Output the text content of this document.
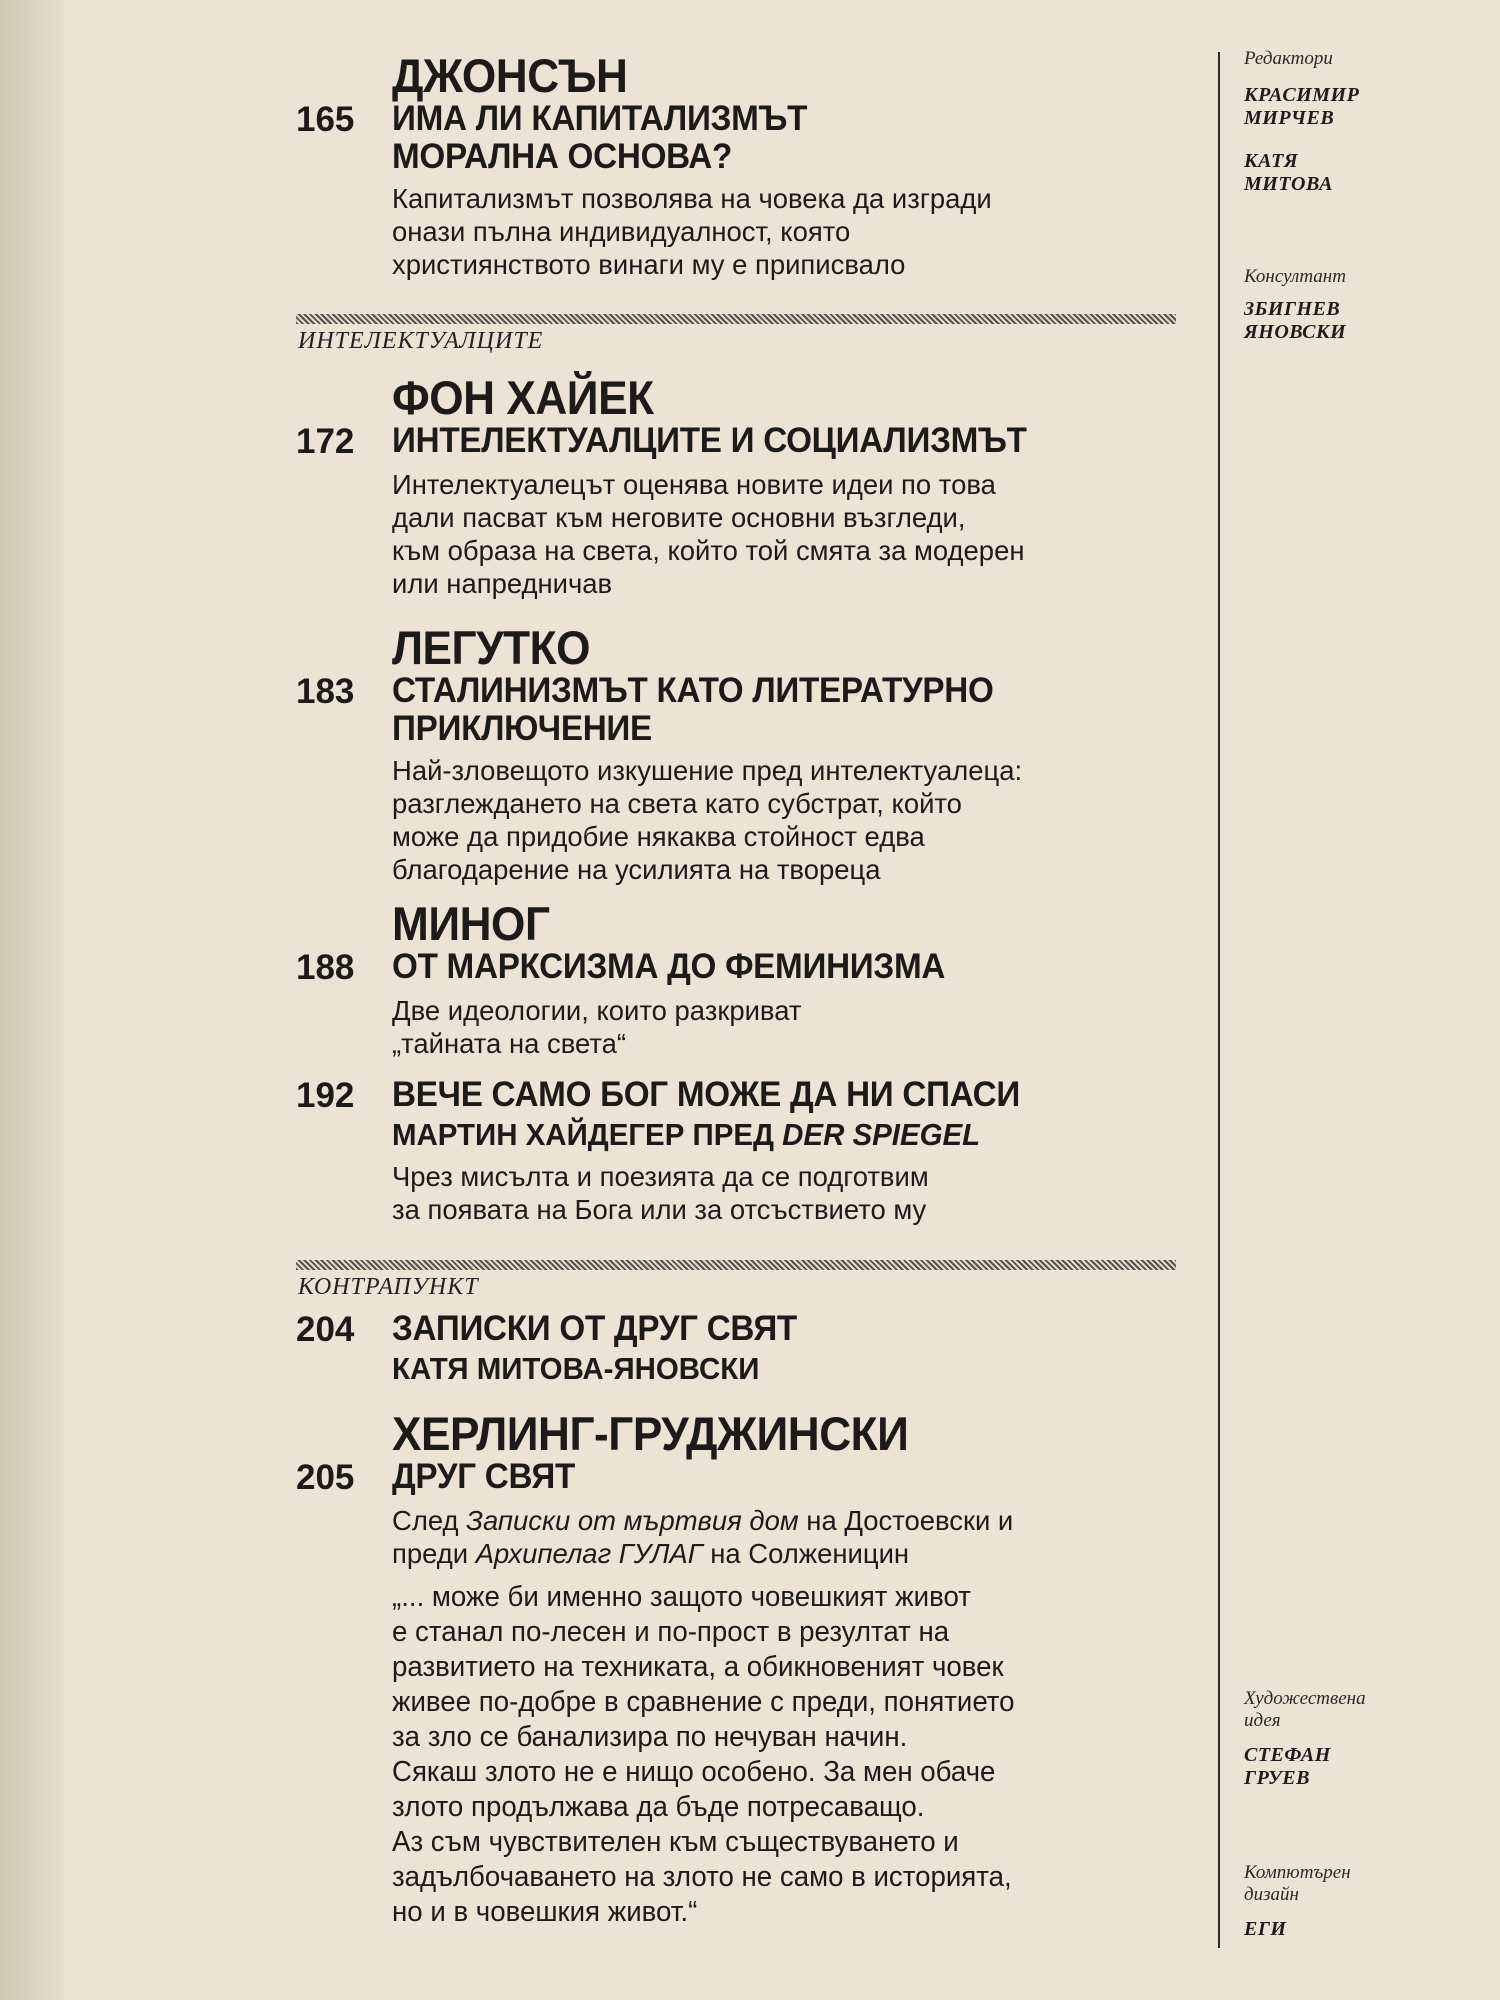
ДЖОНСЪН
165	ИМА ЛИ КАПИТАЛИЗМЪТ
МОРАЛНА ОСНОВА?
Капитализмът позволява на човека да изгради
онази пълна индивидуалност, която
християнството винаги му е приписвало
ИНТЕЛЕКТУАЛЦИТЕ
ФОН ХАЙЕК
172	ИНТЕЛЕКТУАЛЦИТЕ И СОЦИАЛИЗМЪТ
Интелектуалецът оценява новите идеи по това
дали пасват към неговите основни възгледи,
към образа на света, който той смята за модерен
или напредничав
ЛЕГУТКО
183	СТАЛИНИЗМЪТ КАТО ЛИТЕРАТУРНО
ПРИКЛЮЧЕНИЕ
Най-зловещото изкушение пред интелектуалеца:
разглеждането на света като субстрат, който
може да придобие някаква стойност едва
благодарение на усилията на твореца
МИНОГ
188	ОТ МАРКСИЗМА ДО ФЕМИНИЗМА
Две идеологии, които разкриват
„тайната на света“
192	ВЕЧЕ САМО БОГ МОЖЕ ДА НИ СПАСИ
МАРТИН ХАЙДЕГЕР ПРЕД DER SPIEGEL
Чрез мисълта и поезията да се подготвим
за появата на Бога или за отсъствието му
КОНТРАПУНКТ
204	ЗАПИСКИ ОТ ДРУГ СВЯТ
КАТЯ МИТОВА-ЯНОВСКИ
ХЕРЛИНГ-ГРУДЖИНСКИ
205	ДРУГ СВЯТ
След Записки от мъртвия дом на Достоевски и
преди Архипелаг ГУЛАГ на Солженицин
„... може би именно защото човешкият живот
е станал по-лесен и по-прост в резултат на
развитието на техниката, а обикновеният човек
живее по-добре в сравнение с преди, понятието
за зло се банализира по нечуван начин.
Сякаш злото не е нищо особено. За мен обаче
злото продължава да бъде потресаващо.
Аз съм чувствителен към съществуването и
задълбочаването на злото не само в историята,
но и в човешкия живот.“
Редактори
КРАСИМИР
МИРЧЕВ
КАТЯ
МИТОВА
Консултант
ЗБИГНЕВ
ЯНОВСКИ
Художествена
идея
СТЕФАН
ГРУЕВ
Компютърен
дизайн
ЕГИ
